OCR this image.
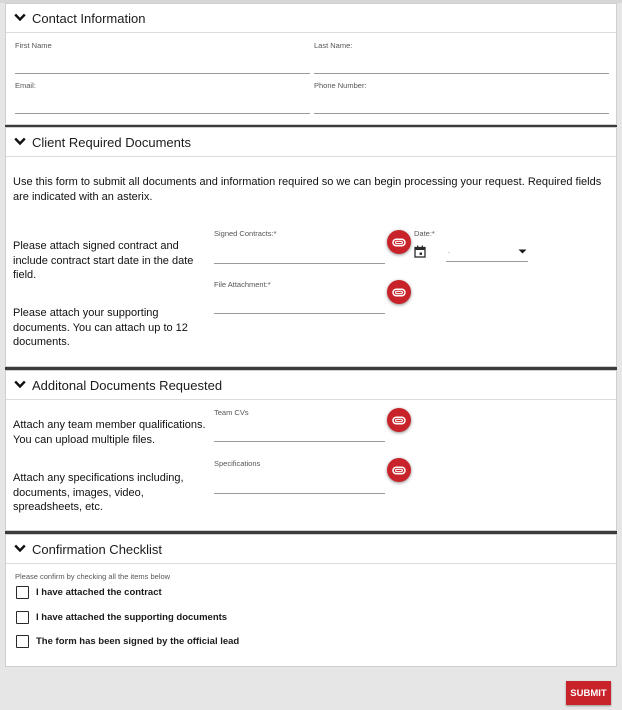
Contact Information
First Name	Last Name:
Email:	Phone Number:
Client Required Documents
Use this form to submit all documents and information required so we can begin processing your request. Required fields are indicated with an asterix.
Please attach signed contract and include contract start date in the date field.
Signed Contracts:*	Date:*
.
File Attachment:*
Please attach your supporting documents. You can attach up to 12 documents.
Additonal Documents Requested
Attach any team member qualifications. You can upload multiple files.
Team CVs
Attach any specifications including, documents, images, video, spreadsheets, etc.
Specifications
Confirmation Checklist
Please confirm by checking all the items below
I have attached the contract
I have attached the supporting documents
The form has been signed by the official lead
SUBMIT
